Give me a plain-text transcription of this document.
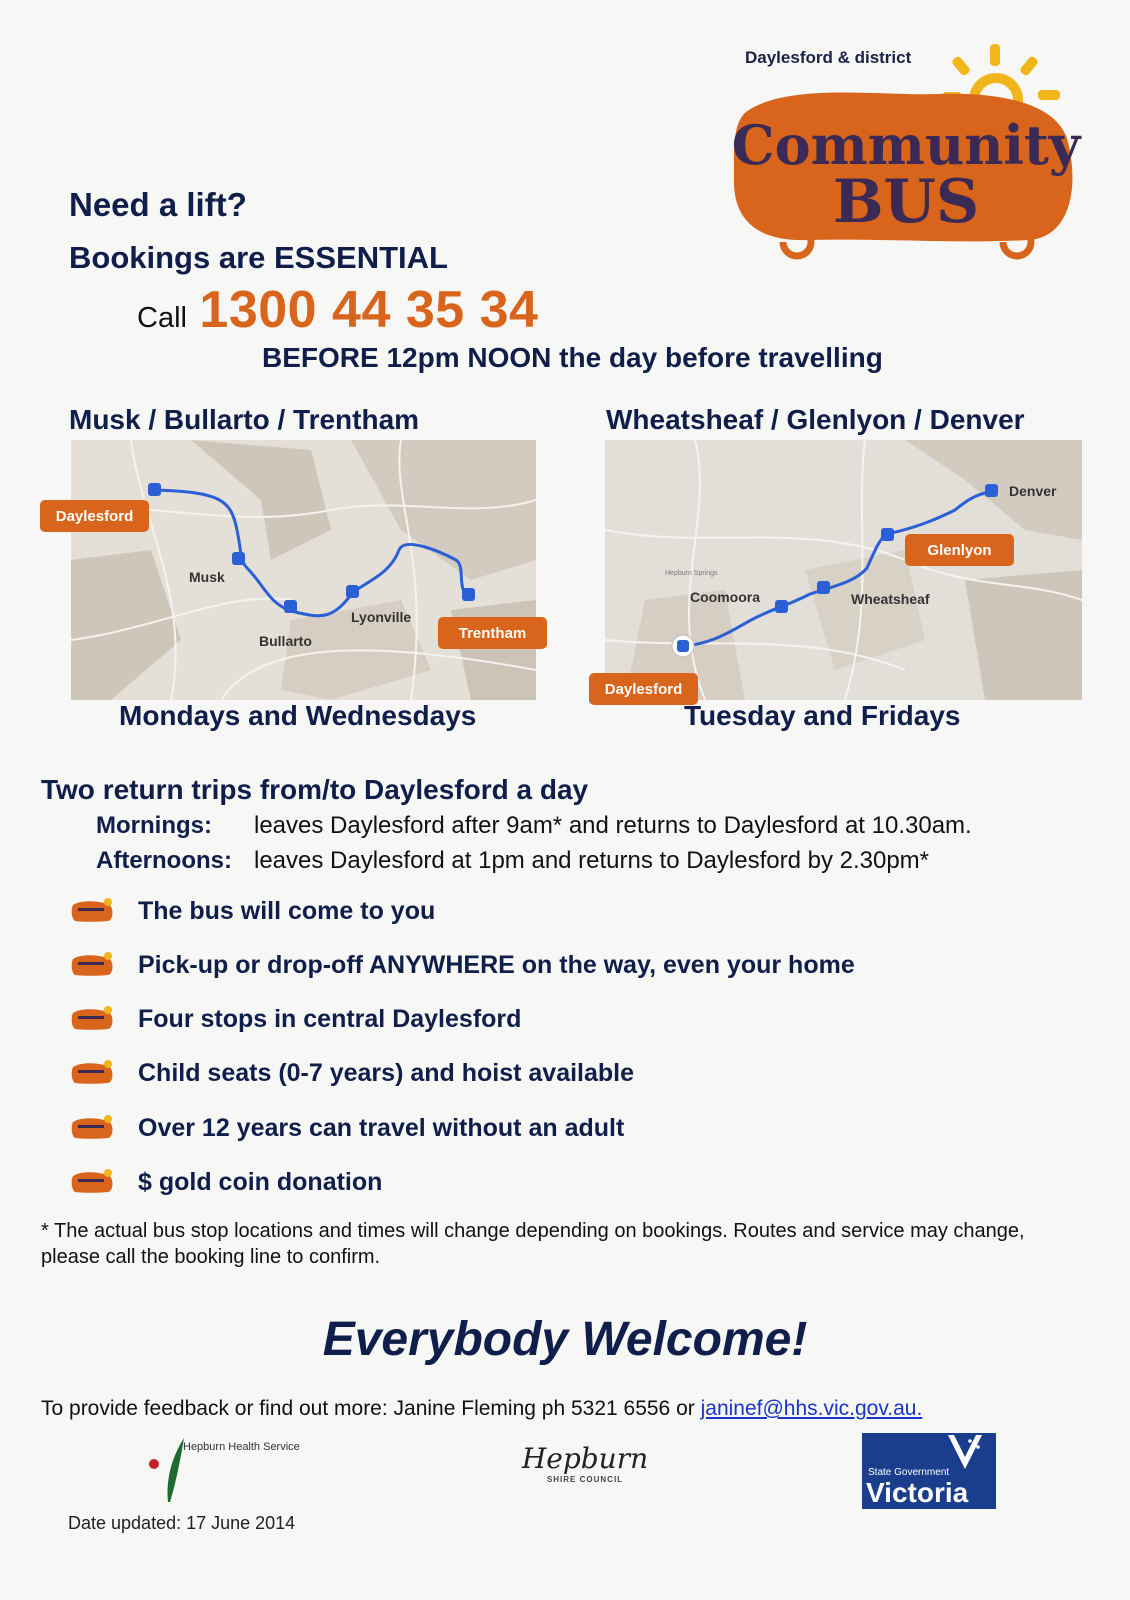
Community
BUS
Daylesford & district
Need a lift?
Bookings are ESSENTIAL
Call 1300 44 35 34
BEFORE 12pm NOON the day before travelling
Musk / Bullarto / Trentham	Wheatsheaf / Glenlyon / Denver
Musk
Bullarto
Lyonville
Daylesford
Trentham
Hepburn Springs
Coomoora	Wheatsheaf
Denver
Glenlyon
Daylesford
Mondays and Wednesdays	Tuesday and Fridays
Two return trips from/to Daylesford a day
Mornings: leaves Daylesford after 9am* and returns to Daylesford at 10.30am.
Afternoons: leaves Daylesford at 1pm and returns to Daylesford by 2.30pm*
The bus will come to you
Pick-up or drop-off ANYWHERE on the way, even your home
Four stops in central Daylesford
Child seats (0-7 years) and hoist available
Over 12 years can travel without an adult
$ gold coin donation
* The actual bus stop locations and times will change depending on bookings. Routes and service may change, please call the booking line to confirm.
Everybody Welcome!
To provide feedback or find out more: Janine Fleming ph 5321 6556 or janinef@hhs.vic.gov.au.
Hepburn Health Service	Hepburn
SHIRE COUNCIL
State Government
Victoria
Date updated: 17 June 2014
